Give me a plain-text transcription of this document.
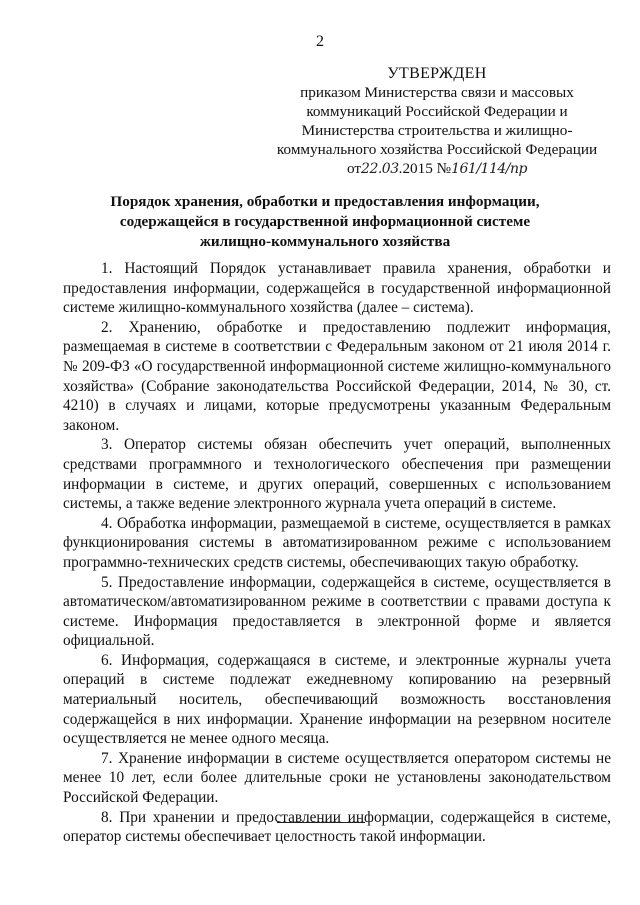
2
УТВЕРЖДЕН
приказом Министерства связи и массовых
коммуникаций Российской Федерации и
Министерства строительства и жилищно-
коммунального хозяйства Российской Федерации
от22.03.2015 №161/114/пр
Порядок хранения, обработки и предоставления информации, содержащейся в государственной информационной системе жилищно-коммунального хозяйства

1. Настоящий Порядок устанавливает правила хранения, обработки и предоставления информации, содержащейся в государственной информационной системе жилищно-коммунального хозяйства (далее – система).

2. Хранению, обработке и предоставлению подлежит информация, размещаемая в системе в соответствии с Федеральным законом от 21 июля 2014 г. № 209-ФЗ «О государственной информационной системе жилищно-коммунального хозяйства» (Собрание законодательства Российской Федерации, 2014, № 30, ст. 4210) в случаях и лицами, которые предусмотрены указанным Федеральным законом.

3. Оператор системы обязан обеспечить учет операций, выполненных средствами программного и технологического обеспечения при размещении информации в системе, и других операций, совершенных с использованием системы, а также ведение электронного журнала учета операций в системе.

4. Обработка информации, размещаемой в системе, осуществляется в рамках функционирования системы в автоматизированном режиме с использованием программно-технических средств системы, обеспечивающих такую обработку.

5. Предоставление информации, содержащейся в системе, осуществляется в автоматическом/автоматизированном режиме в соответствии с правами доступа к системе. Информация предоставляется в электронной форме и является официальной.

6. Информация, содержащаяся в системе, и электронные журналы учета операций в системе подлежат ежедневному копированию на резервный материальный носитель, обеспечивающий возможность восстановления содержащейся в них информации. Хранение информации на резервном носителе осуществляется не менее одного месяца.

7. Хранение информации в системе осуществляется оператором системы не менее 10 лет, если более длительные сроки не установлены законодательством Российской Федерации.

8. При хранении и предоставлении информации, содержащейся в системе, оператор системы обеспечивает целостность такой информации.
